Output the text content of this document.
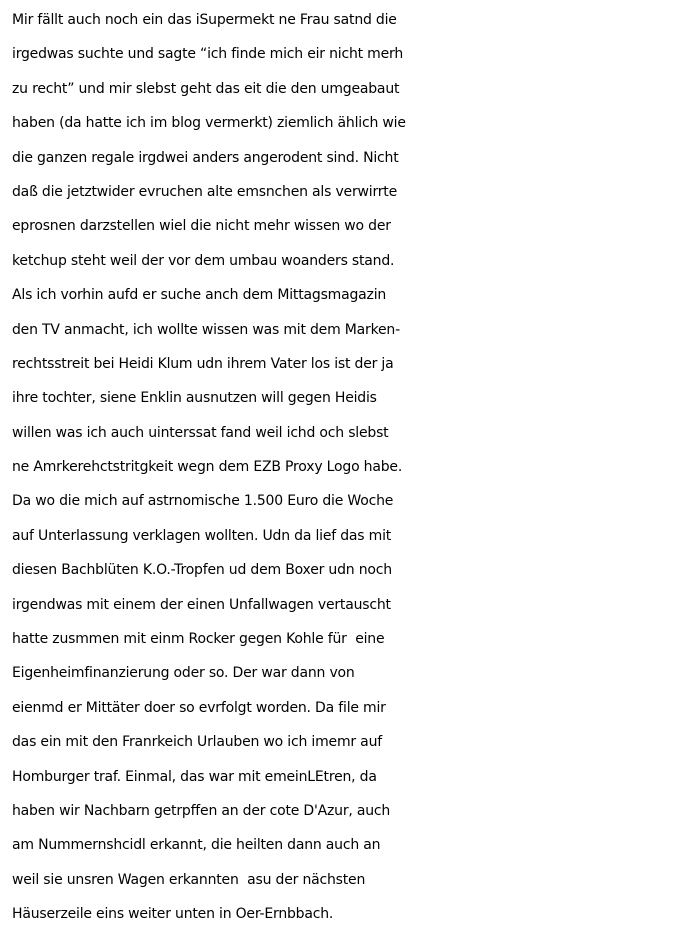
Mir fällt auch noch ein das iSupermekt ne Frau satnd die
irgedwas suchte und sagte “ich finde mich eir nicht merh
zu recht” und mir slebst geht das eit die den umgeabaut
haben (da hatte ich im blog vermerkt) ziemlich ählich wie
die ganzen regale irgdwei anders angerodent sind. Nicht
daß die jetztwider evruchen alte emsnchen als verwirrte
eprosnen darzstellen wiel die nicht mehr wissen wo der
ketchup steht weil der vor dem umbau woanders stand.
Als ich vorhin aufd er suche anch dem Mittagsmagazin
den TV anmacht, ich wollte wissen was mit dem Marken-
rechtsstreit bei Heidi Klum udn ihrem Vater los ist der ja
ihre tochter, siene Enklin ausnutzen will gegen Heidis
willen was ich auch uinterssat fand weil ichd och slebst
ne Amrkerehctstritgkeit wegn dem EZB Proxy Logo habe.
Da wo die mich auf astrnomische 1.500 Euro die Woche
auf Unterlassung verklagen wollten. Udn da lief das mit
diesen Bachblüten K.O.-Tropfen ud dem Boxer udn noch
irgendwas mit einem der einen Unfallwagen vertauscht
hatte zusmmen mit einm Rocker gegen Kohle für  eine
Eigenheimfinanzierung oder so. Der war dann von
eienmd er Mittäter doer so evrfolgt worden. Da file mir
das ein mit den Franrkeich Urlauben wo ich imemr auf
Homburger traf. Einmal, das war mit emeinLEtren, da
haben wir Nachbarn getrpffen an der cote D'Azur, auch
am Nummernshcidl erkannt, die heilten dann auch an
weil sie unsren Wagen erkannten  asu der nächsten
Häuserzeile eins weiter unten in Oer-Ernbbach.
